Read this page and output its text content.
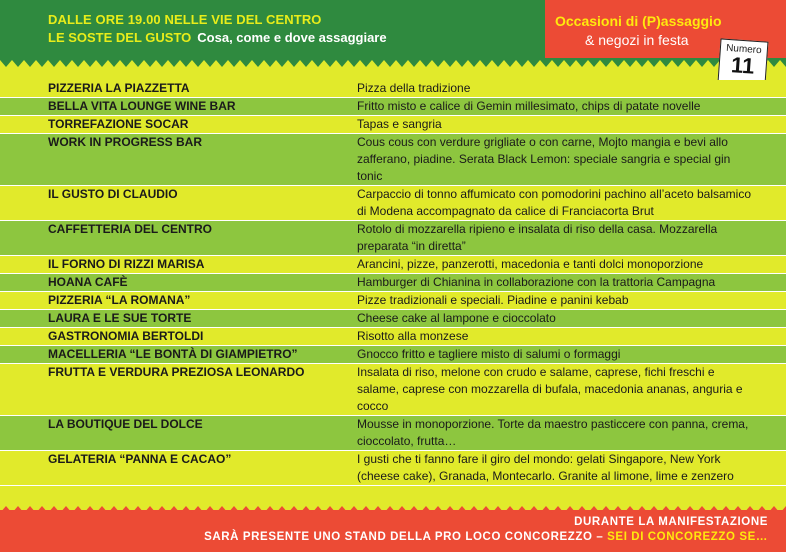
DALLE ORE 19.00 NELLE VIE DEL CENTRO
LE SOSTE DEL GUSTO Cosa, come e dove assaggiare
Occasioni di (P)assaggio
& negozi in festa
Numero
11
PIZZERIA LA PIAZZETTA	Pizza della tradizione
BELLA VITA LOUNGE WINE BAR	Fritto misto e calice di Gemin millesimato, chips di patate novelle
TORREFAZIONE SOCAR	Tapas e sangria
WORK IN PROGRESS BAR	Cous cous con verdure grigliate o con carne, Mojto mangia e bevi allo zafferano, piadine. Serata Black Lemon: speciale sangria e special gin tonic
IL GUSTO DI CLAUDIO	Carpaccio di tonno affumicato con pomodorini pachino all’aceto balsamico di Modena accompagnato da calice di Franciacorta Brut
CAFFETTERIA DEL CENTRO	Rotolo di mozzarella ripieno e insalata di riso della casa. Mozzarella preparata “in diretta”
IL FORNO DI RIZZI MARISA	Arancini, pizze, panzerotti, macedonia e tanti dolci monoporzione
HOANA CAFÈ	Hamburger di Chianina in collaborazione con la trattoria Campagna
PIZZERIA “LA ROMANA”	Pizze tradizionali e speciali. Piadine e panini kebab
LAURA E LE SUE TORTE	Cheese cake al lampone e cioccolato
GASTRONOMIA BERTOLDI	Risotto alla monzese
MACELLERIA “LE BONTÀ DI GIAMPIETRO”	Gnocco fritto e tagliere misto di salumi o formaggi
FRUTTA E VERDURA PREZIOSA LEONARDO	Insalata di riso, melone con crudo e salame, caprese, fichi freschi e salame, caprese con mozzarella di bufala, macedonia ananas, anguria e cocco
LA BOUTIQUE DEL DOLCE	Mousse in monoporzione. Torte da maestro pasticcere con panna, crema, cioccolato, frutta…
GELATERIA “PANNA E CACAO”	I gusti che ti fanno fare il giro del mondo: gelati Singapore, New York (cheese cake), Granada, Montecarlo. Granite al limone, lime e zenzero
DURANTE LA MANIFESTAZIONE
SARÀ PRESENTE UNO STAND DELLA PRO LOCO CONCOREZZO – SEI DI CONCOREZZO SE…
